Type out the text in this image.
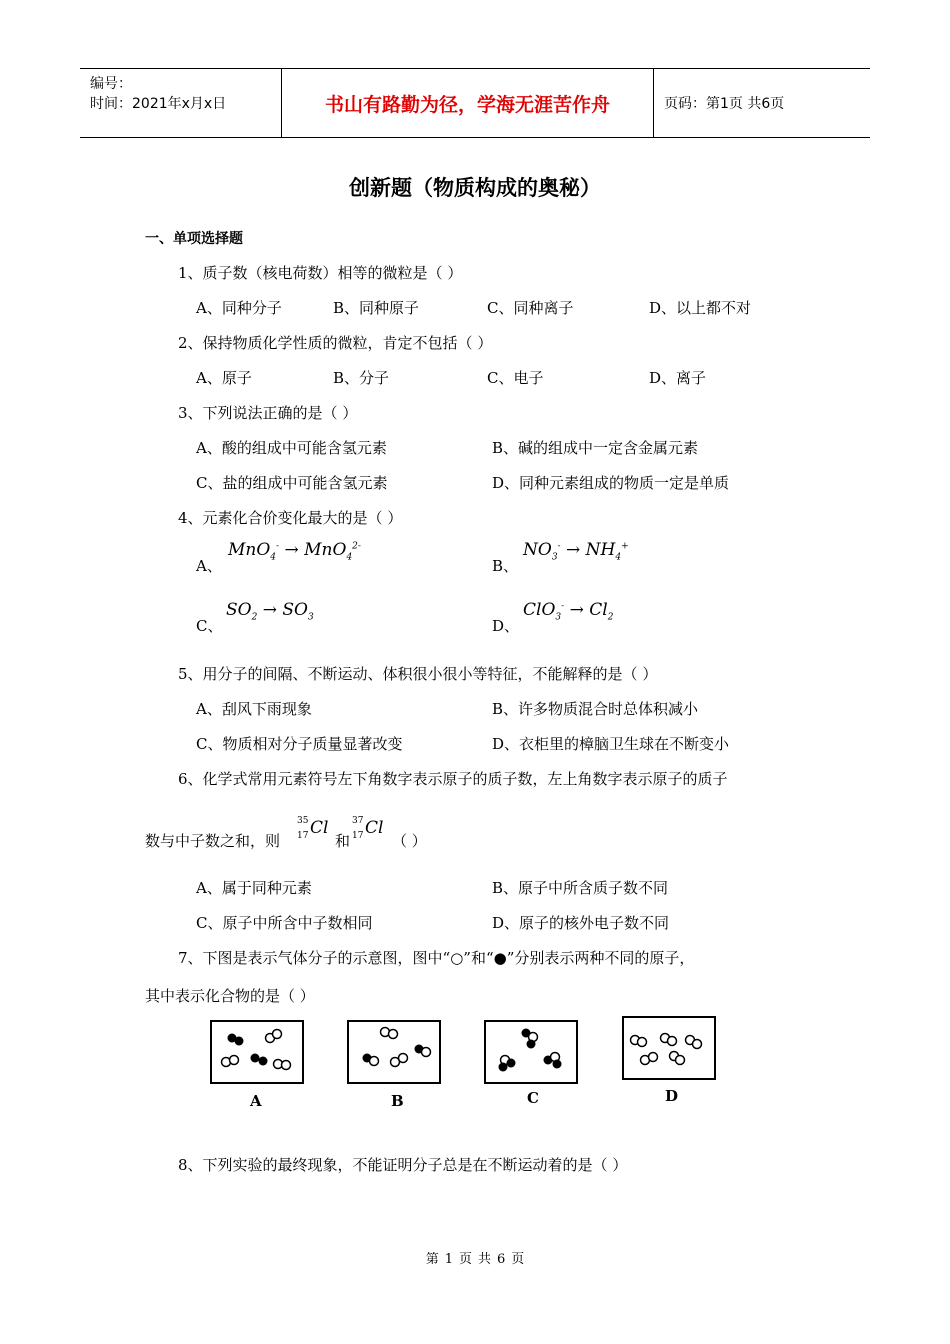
编号：
时间：2021年x月x日	书山有路勤为径，学海无涯苦作舟	页码：第1页 共6页
创新题（物质构成的奥秘）
一、单项选择题
1、质子数（核电荷数）相等的微粒是（ ）
A、同种分子	B、同种原子	C、同种离子	D、以上都不对
2、保持物质化学性质的微粒，肯定不包括（ ）
A、原子	B、分子	C、电子	D、离子
3、下列说法正确的是（ ）
A、酸的组成中可能含氢元素	B、碱的组成中一定含金属元素
C、盐的组成中可能含氢元素	D、同种元素组成的物质一定是单质
4、元素化合价变化最大的是（ ）
A、
MnO$_4$- → MnO$_4^{2-}$
B、
$NO_3^- \to NH_4^+$
C、
$SO_2 \to SO_3$	D、
$ClO_3^- \to Cl_2$
5、用分子的间隔、不断运动、体积很小很小等特征，不能解释的是（ ）
A、刮风下雨现象	B、许多物质混合时总体积减小
C、物质相对分子质量显著改变	D、衣柜里的樟脑卫生球在不断变小
6、化学式常用元素符号左下角数字表示原子的质子数，左上角数字表示原子的质子
数与中子数之和，则
35
17 Cl
和
37
17 Cl
（ ）
A、属于同种元素	B、原子中所含质子数不同
C、原子中所含中子数相同	D、原子的核外电子数不同
7、下图是表示气体分子的示意图，图中“○”和“●”分别表示两种不同的原子，
其中表示化合物的是（ ）
A	B	C	D
8、下列实验的最终现象，不能证明分子总是在不断运动着的是（ ）
第 1 页 共 6 页
